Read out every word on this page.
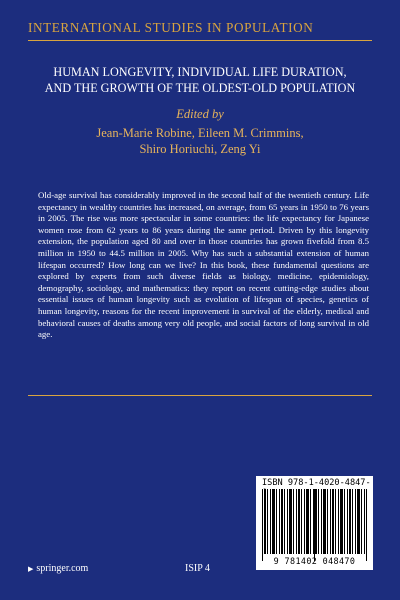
INTERNATIONAL STUDIES IN POPULATION
HUMAN LONGEVITY, INDIVIDUAL LIFE DURATION,
AND THE GROWTH OF THE OLDEST-OLD POPULATION
Edited by
Jean-Marie Robine, Eileen M. Crimmins,
Shiro Horiuchi, Zeng Yi

Old-age survival has considerably improved in the second half of the twentieth century. Life expectancy in wealthy countries has increased, on average, from 65 years in 1950 to 76 years in 2005. The rise was more spectacular in some countries: the life expectancy for Japanese women rose from 62 years to 86 years during the same period. Driven by this longevity extension, the population aged 80 and over in those countries has grown fivefold from 8.5 million in 1950 to 44.5 million in 2005. Why has such a substantial extension of human lifespan occurred? How long can we live? In this book, these fundamental questions are explored by experts from such diverse fields as biology, medicine, epidemiology, demography, sociology, and mathematics: they report on recent cutting-edge studies about essential issues of human longevity such as evolution of lifespan of species, genetics of human longevity, reasons for the recent improvement in survival of the elderly, medical and behavioral causes of deaths among very old people, and social factors of long survival in old age.

ISBN 978-1-4020-4847-
9 781402 048470
▶ springer.com	ISIP 4
